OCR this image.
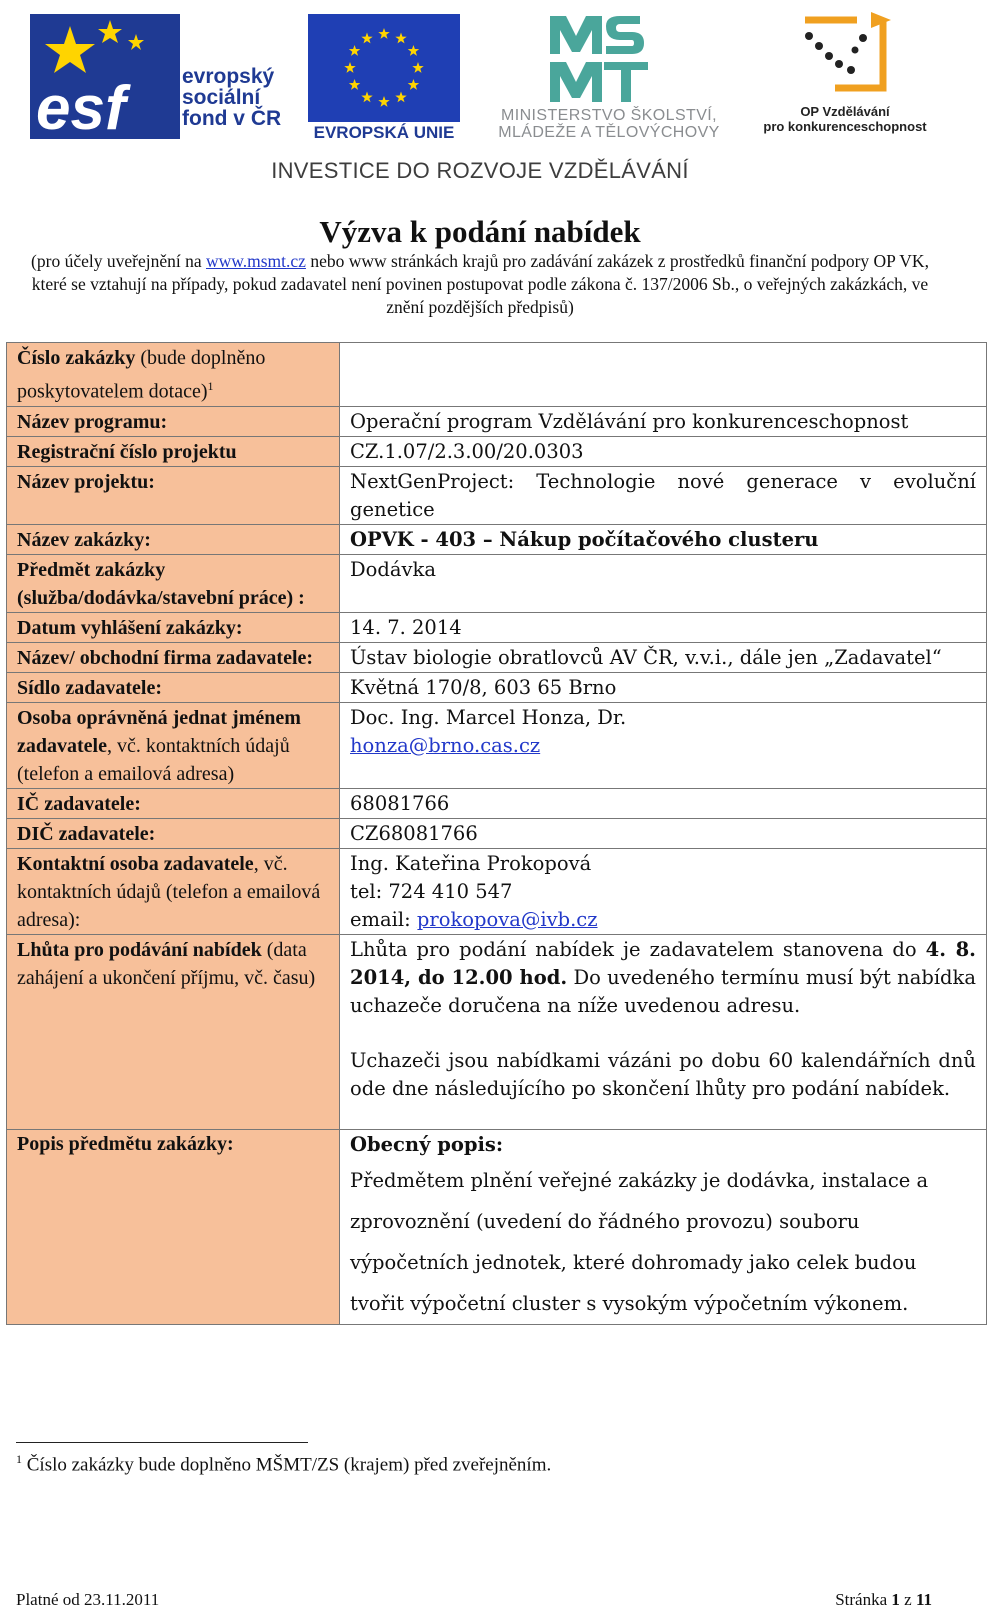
esf	evropský sociální fond v ČR
EVROPSKÁ UNIE
MINISTERSTVO ŠKOLSTVÍ,
MLÁDEŽE A TĚLOVÝCHOVY
OP Vzdělávání
pro konkurenceschopnost
INVESTICE DO ROZVOJE VZDĚLÁVÁNÍ
Výzva k podání nabídek
(pro účely uveřejnění na www.msmt.cz nebo www stránkách krajů pro zadávání zakázek z prostředků finanční podpory OP VK, které se vztahují na případy, pokud zadavatel není povinen postupovat podle zákona č. 137/2006 Sb., o veřejných zakázkách, ve znění pozdějších předpisů)
Číslo zakázky (bude doplněno poskytovatelem dotace)$^1$	
Název programu:	Operační program Vzdělávání pro konkurenceschopnost
Registrační číslo projektu	CZ.1.07/2.3.00/20.0303
Název projektu:	NextGenProject: Technologie nové generace v evoluční genetice
Název zakázky:	OPVK - 403 – Nákup počítačového clusteru
Předmět zakázky (služba/dodávka/stavební práce) :	Dodávka
Datum vyhlášení zakázky:	14. 7. 2014
Název/ obchodní firma zadavatele:	Ústav biologie obratlovců AV ČR, v.v.i., dále jen „Zadavatel“
Sídlo zadavatele:	Květná 170/8, 603 65 Brno
Osoba oprávněná jednat jménem zadavatele, vč. kontaktních údajů (telefon a emailová adresa)	Doc. Ing. Marcel Honza, Dr.
honza@brno.cas.cz
IČ zadavatele:	68081766
DIČ zadavatele:	CZ68081766
Kontaktní osoba zadavatele, vč. kontaktních údajů (telefon a emailová adresa):	Ing. Kateřina Prokopová
tel: 724 410 547
email: prokopova@ivb.cz

Lhůta pro podávání nabídek (data zahájení a ukončení příjmu, vč. času)	Lhůta pro podání nabídek je zadavatelem stanovena do 4. 8. 2014, do 12.00 hod. Do uvedeného termínu musí být nabídka uchazeče doručena na níže uvedenou adresu.
Uchazeči jsou nabídkami vázáni po dobu 60 kalendářních dnů ode dne následujícího po skončení lhůty pro podání nabídek.

Popis předmětu zakázky:	Obecný popis:
Předmětem plnění veřejné zakázky je dodávka, instalace a zprovoznění (uvedení do řádného provozu) souboru výpočetních jednotek, které dohromady jako celek budou tvořit výpočetní cluster s vysokým výpočetním výkonem.
$^1$ Číslo zakázky bude doplněno MŠMT/ZS (krajem) před zveřejněním.
Platné od 23.11.2011	Stránka 1 z 11
